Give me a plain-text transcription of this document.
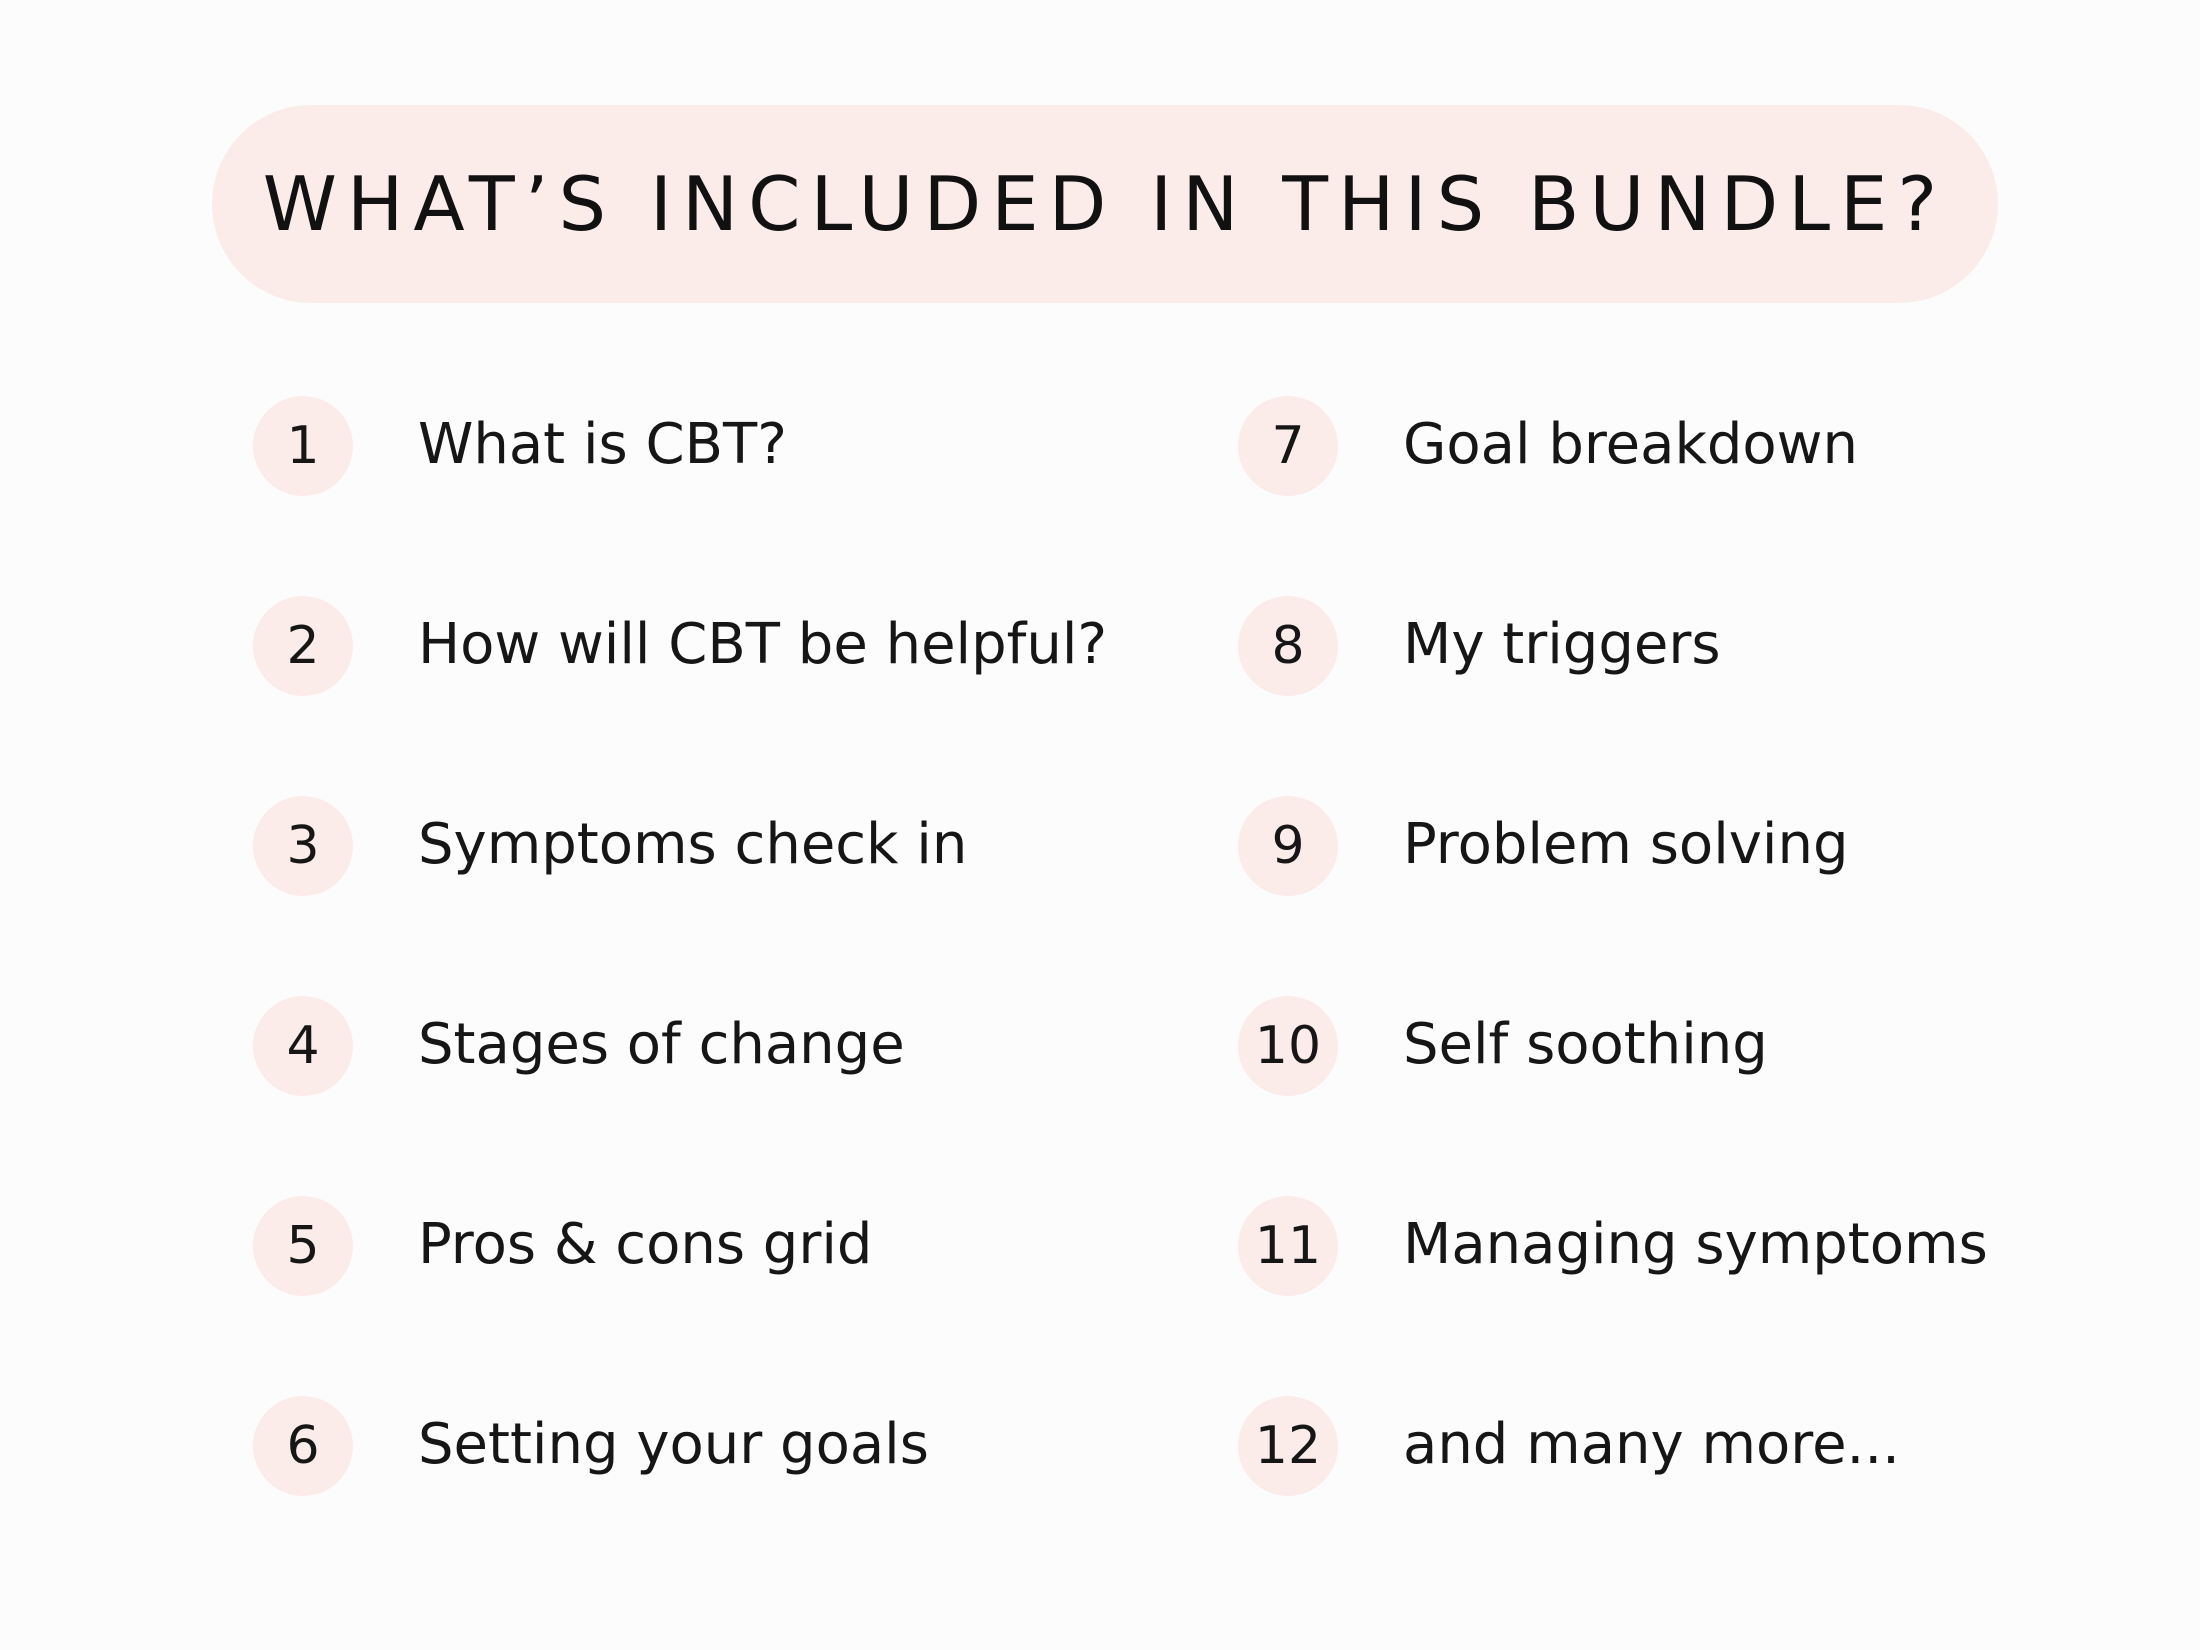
WHAT’S INCLUDED IN THIS BUNDLE?
1	What is CBT?
2	How will CBT be helpful?
3	Symptoms check in
4	Stages of change
5	Pros & cons grid
6	Setting your goals
7	Goal breakdown
8	My triggers
9	Problem solving
10	Self soothing
11	Managing symptoms
12	and many more...
